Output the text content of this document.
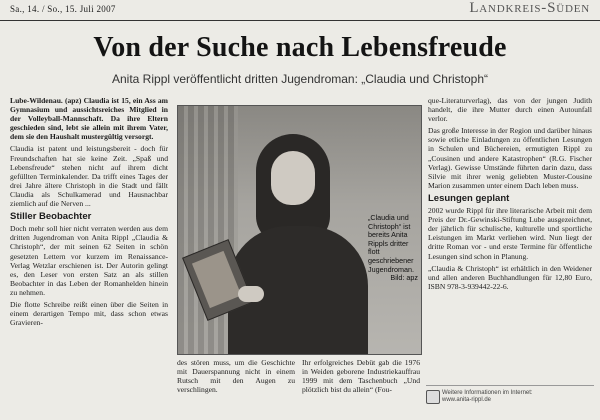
Sa., 14. / So., 15. Juli 2007	Landkreis-Süden
Von der Suche nach Lebensfreude
Anita Rippl veröffentlicht dritten Jugendroman: „Claudia und Christoph“

Lube-Wildenau. (apz) Claudia ist 15, ein Ass am Gymnasium und aussichtsreiches Mitglied in der Volleyball-Mannschaft. Da ihre Eltern geschieden sind, lebt sie allein mit ihrem Vater, dem sie den Haushalt mustergültig versorgt.

Claudia ist patent und leistungsbereit - doch für Freundschaften hat sie keine Zeit. „Spaß und Lebensfreude“ stehen nicht auf ihrem dicht gefüllten Terminkalender. Da trifft eines Tages der drei Jahre ältere Christoph in die Stadt und fällt Claudia als Schulkamerad und Hausnachbar ziemlich auf die Nerven ...

Stiller Beobachter

Doch mehr soll hier nicht verraten werden aus dem dritten Jugendroman von Anita Rippl „Claudia & Christoph“, der mit seinen 62 Seiten in schön gesetzten Lettern vor kurzem im Renaissance-Verlag Wetzlar erschienen ist. Der Autorin gelingt es, den Leser von ersten Satz an als stillen Beobachter in das Leben der Romanhelden hinein zu nehmen.

Die flotte Schreibe reißt einen über die Seiten in einem derartigen Tempo mit, dass schon etwas Gravieren-

„Claudia und Christoph“ ist bereits Anita Rippls dritter flott geschriebener Jugendroman.
Bild: apz

des stören muss, um die Geschichte mit Dauerspannung nicht in einem Rutsch mit den Augen zu verschlingen.

Ihr erfolgreiches Debüt gab die 1976 in Weiden geborene Industriekauffrau 1999 mit dem Taschenbuch „Und plötzlich bist du allein“ (Fou-

que-Literaturverlag), das von der jungen Judith handelt, die ihre Mutter durch einen Autounfall verlor.

Das große Interesse in der Region und darüber hinaus sowie etliche Einladungen zu öffentlichen Lesungen in Schulen und Büchereien, ermutigten Rippl zu „Cousinen und andere Katastrophen“ (R.G. Fischer Verlag). Gewisse Umstände führten darin dazu, dass Silvie mit ihrer wenig geliebten Muster-Cousine Marion zusammen unter einem Dach leben muss.

Lesungen geplant

2002 wurde Rippl für ihre literarische Arbeit mit dem Preis der Dr.-Gewinski-Stiftung Lube ausgezeichnet, der jährlich für schulische, kulturelle und sportliche Leistungen im Markt verliehen wird. Nun liegt der dritte Roman vor - und erste Termine für öffentliche Lesungen sind schon in Planung.

„Claudia & Christoph“ ist erhältlich in den Weidener und allen anderen Buchhandlungen für 12,80 Euro, ISBN 978-3-939442-22-6.

Weitere Informationen im Internet:
www.anita-rippl.de
